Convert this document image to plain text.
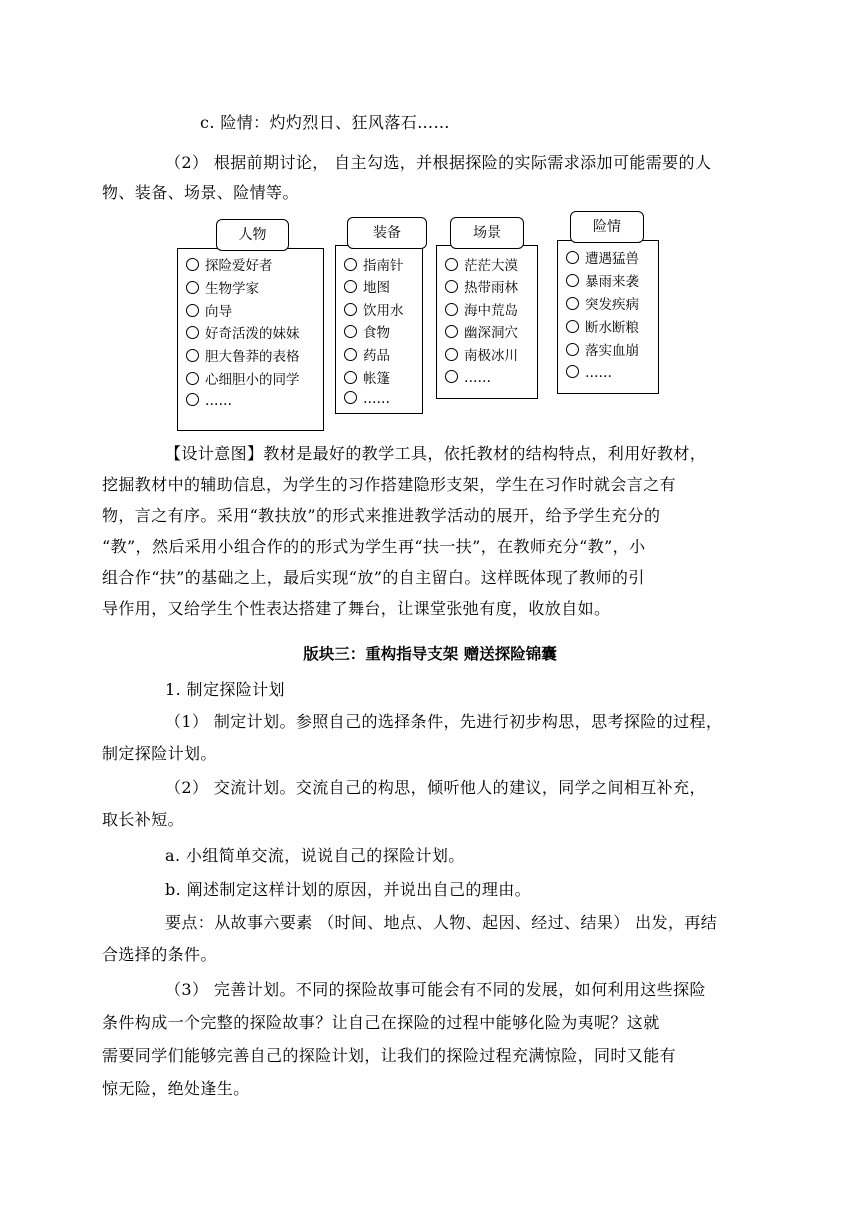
c. 险情：灼灼烈日、狂风落石……
（2） 根据前期讨论， 自主勾选，并根据探险的实际需求添加可能需要的人
物、装备、场景、险情等。
探险爱好者
生物学家
向导
好奇活泼的妹妹
胆大鲁莽的表格
心细胆小的同学
……
人物
指南针
地图
饮用水
食物
药品
帐篷
……
装备
茫茫大漠
热带雨林
海中荒岛
幽深洞穴
南极冰川
……
场景
遭遇猛兽
暴雨来袭
突发疾病
断水断粮
落实血崩
……
险情
【设计意图】教材是最好的教学工具，依托教材的结构特点，利用好教材，
挖掘教材中的辅助信息，为学生的习作搭建隐形支架，学生在习作时就会言之有
物，言之有序。采用“教扶放”的形式来推进教学活动的展开，给予学生充分的
“教”，然后采用小组合作的的形式为学生再“扶一扶”，在教师充分“教”，小
组合作“扶”的基础之上，最后实现“放”的自主留白。这样既体现了教师的引
导作用，又给学生个性表达搭建了舞台，让课堂张弛有度，收放自如。
版块三：重构指导支架 赠送探险锦囊
1. 制定探险计划
（1） 制定计划。参照自己的选择条件，先进行初步构思，思考探险的过程，
制定探险计划。
（2） 交流计划。交流自己的构思，倾听他人的建议，同学之间相互补充，
取长补短。
a. 小组简单交流，说说自己的探险计划。
b. 阐述制定这样计划的原因，并说出自己的理由。
要点：从故事六要素 （时间、地点、人物、起因、经过、结果） 出发，再结
合选择的条件。
（3） 完善计划。不同的探险故事可能会有不同的发展，如何利用这些探险
条件构成一个完整的探险故事？让自己在探险的过程中能够化险为夷呢？这就
需要同学们能够完善自己的探险计划，让我们的探险过程充满惊险，同时又能有
惊无险，绝处逢生。
